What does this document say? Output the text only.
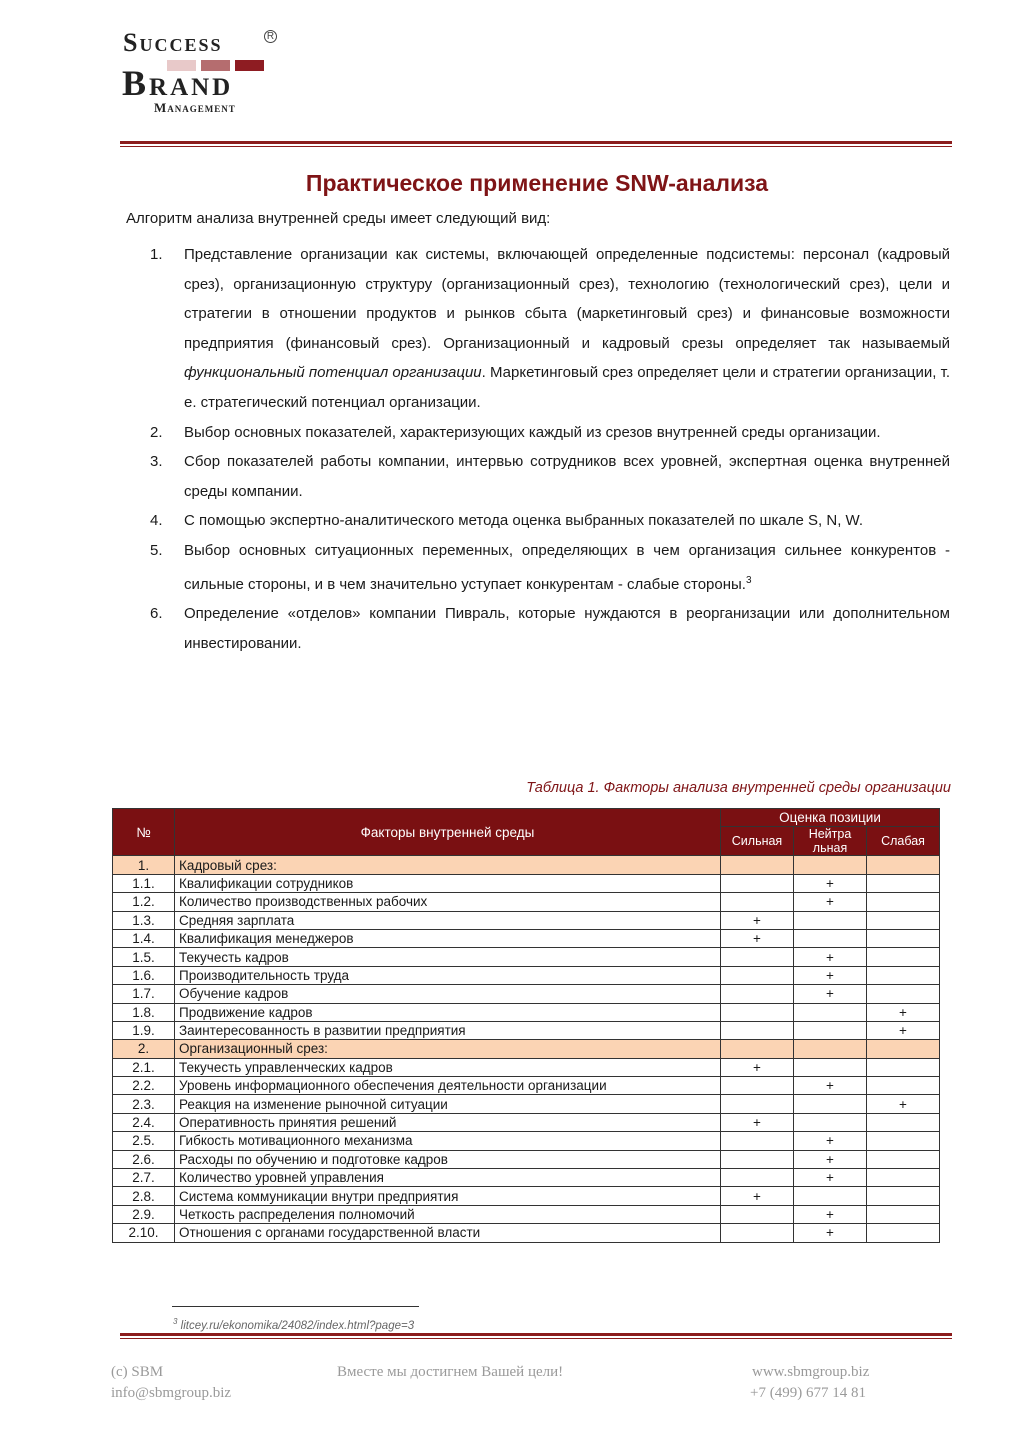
Success	R
Brand
Management
Практическое применение SNW-анализа
Алгоритм анализа внутренней среды имеет следующий вид:
1. Представление организации как системы, включающей определенные подсистемы: персонал (кадровый срез), организационную структуру (организационный срез), технологию (технологический срез), цели и стратегии в отношении продуктов и рынков сбыта (маркетинговый срез) и финансовые возможности предприятия (финансовый срез). Организационный и кадровый срезы определяет так называемый функциональный потенциал организации. Маркетинговый срез определяет цели и стратегии организации, т. е. стратегический потенциал организации.
2. Выбор основных показателей, характеризующих каждый из срезов внутренней среды организации.
3. Сбор показателей работы компании, интервью сотрудников всех уровней, экспертная оценка внутренней среды компании.
4. С помощью экспертно-аналитического метода оценка выбранных показателей по шкале S, N, W.
5. Выбор основных ситуационных переменных, определяющих в чем организация сильнее конкурентов - сильные стороны, и в чем значительно уступает конкурентам - слабые стороны.$^3$
6. Определение «отделов» компании Пивраль, которые нуждаются в реорганизации или дополнительном инвестировании.
Таблица 1. Факторы анализа внутренней среды организации
№	Факторы внутренней среды	Оценка позиции		
		Сильная	Нейтра льная	Слабая
1.	Кадровый срез:			
1.1.	Квалификации сотрудников		+	
1.2.	Количество производственных рабочих		+	
1.3.	Средняя зарплата	+		
1.4.	Квалификация менеджеров	+		
1.5.	Текучесть кадров		+	
1.6.	Производительность труда		+	
1.7.	Обучение кадров		+	
1.8.	Продвижение кадров			+
1.9.	Заинтересованность в развитии предприятия			+
2.	Организационный срез:			
2.1.	Текучесть управленческих кадров	+		
2.2.	Уровень информационного обеспечения деятельности организации		+	
2.3.	Реакция на изменение рыночной ситуации			+
2.4.	Оперативность принятия решений	+		
2.5.	Гибкость мотивационного механизма		+	
2.6.	Расходы по обучению и подготовке кадров		+	
2.7.	Количество уровней управления		+	
2.8.	Система коммуникации внутри предприятия	+		
2.9.	Четкость распределения полномочий		+	
2.10.	Отношения с органами государственной власти		+	
$^3$ litcey.ru/ekonomika/24082/index.html?page=3
(c) SBM
info@sbmgroup.biz
Вместе мы достигнем Вашей цели!	www.sbmgroup.biz
+7 (499) 677 14 81
